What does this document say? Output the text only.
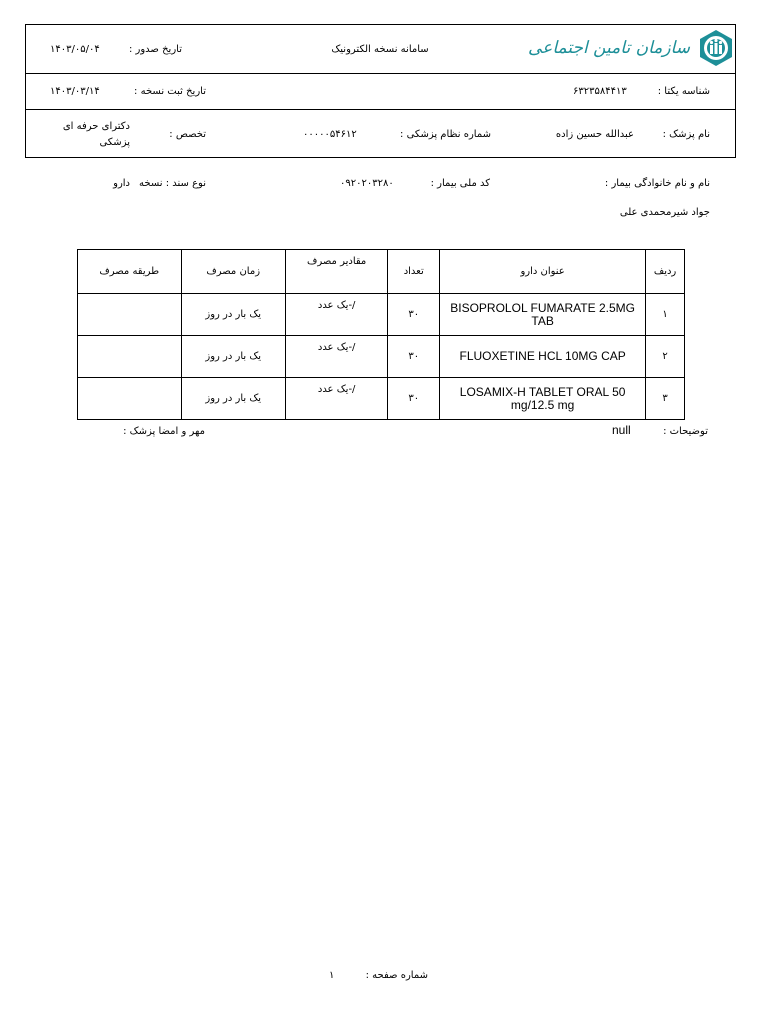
سازمان تامین اجتماعی
سامانه نسخه الکترونیک
تاریخ صدور :
۱۴۰۳/۰۵/۰۴
شناسه یکتا :
۶۳۲۳۵۸۴۴۱۳
تاریخ ثبت نسخه :
۱۴۰۳/۰۳/۱۴
نام پزشک :
عبدالله حسین زاده
شماره نظام پزشکی :
۰۰۰۰۰۵۴۶۱۲
تخصص :
دکترای حرفه ای
پزشکی
نام و نام خانوادگی بیمار :
جواد شیرمحمدی علی
کد ملی بیمار :
۰۹۲۰۲۰۳۲۸۰
نوع سند : نسخه
دارو
ردیف	عنوان دارو	تعداد	مقادیر مصرف	زمان مصرف	طریقه مصرف
۱	BISOPROLOL FUMARATE 2.5MG TAB	۳۰	/-یک عدد	یک بار در روز	
۲	FLUOXETINE HCL 10MG CAP	۳۰	/-یک عدد	یک بار در روز	
۳	LOSAMIX-H TABLET ORAL 50 mg/12.5 mg	۳۰	/-یک عدد	یک بار در روز	
توضیحات :
null
مهر و امضا پزشک :
شماره صفحه :
۱
